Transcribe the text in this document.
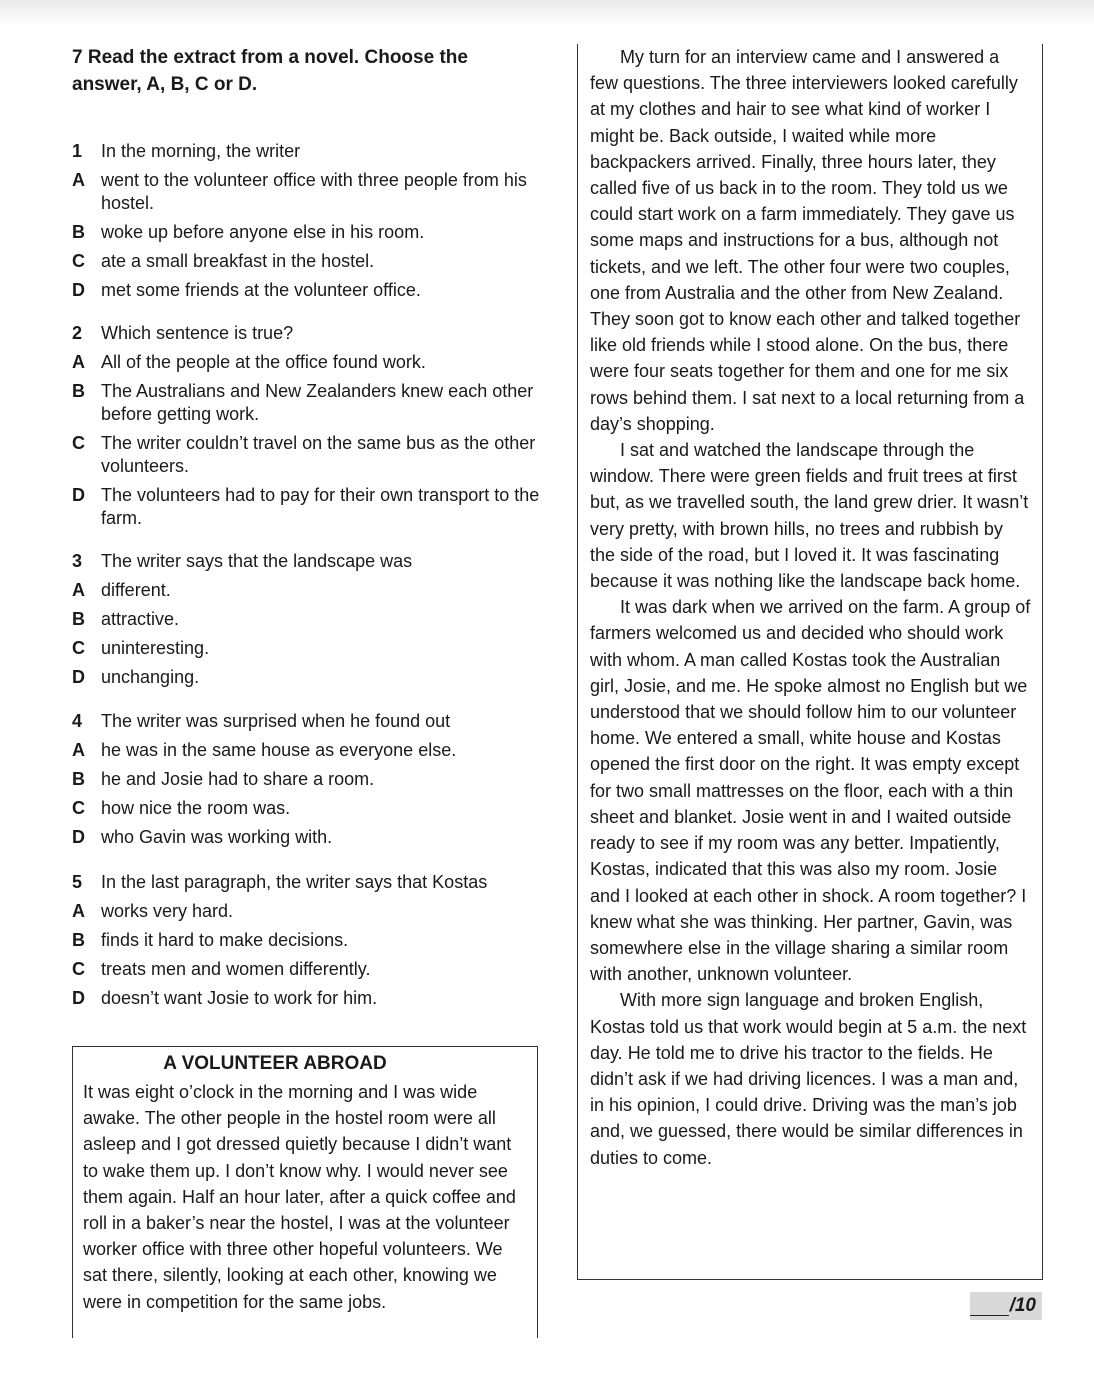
7 Read the extract from a novel. Choose the answer, A, B, C or D.

1 In the morning, the writer
A went to the volunteer office with three people from his hostel.
B woke up before anyone else in his room.
C ate a small breakfast in the hostel.
D met some friends at the volunteer office.
2 Which sentence is true?
A All of the people at the office found work.
B The Australians and New Zealanders knew each other before getting work.
C The writer couldn’t travel on the same bus as the other volunteers.
D The volunteers had to pay for their own transport to the farm.
3 The writer says that the landscape was
A different.
B attractive.
C uninteresting.
D unchanging.
4 The writer was surprised when he found out
A he was in the same house as everyone else.
B he and Josie had to share a room.
C how nice the room was.
D who Gavin was working with.
5 In the last paragraph, the writer says that Kostas
A works very hard.
B finds it hard to make decisions.
C treats men and women differently.
D doesn’t want Josie to work for him.
A VOLUNTEER ABROAD

It was eight o’clock in the morning and I was wide awake. The other people in the hostel room were all asleep and I got dressed quietly because I didn’t want to wake them up. I don’t know why. I would never see them again. Half an hour later, after a quick coffee and roll in a baker’s near the hostel, I was at the volunteer worker office with three other hopeful volunteers. We sat there, silently, looking at each other, knowing we were in competition for the same jobs.

My turn for an interview came and I answered a few questions. The three interviewers looked carefully at my clothes and hair to see what kind of worker I might be. Back outside, I waited while more backpackers arrived. Finally, three hours later, they called five of us back in to the room. They told us we could start work on a farm immediately. They gave us some maps and instructions for a bus, although not tickets, and we left. The other four were two couples, one from Australia and the other from New Zealand. They soon got to know each other and talked together like old friends while I stood alone. On the bus, there were four seats together for them and one for me six rows behind them. I sat next to a local returning from a day’s shopping.

I sat and watched the landscape through the window. There were green fields and fruit trees at first but, as we travelled south, the land grew drier. It wasn’t very pretty, with brown hills, no trees and rubbish by the side of the road, but I loved it. It was fascinating because it was nothing like the landscape back home.

It was dark when we arrived on the farm. A group of farmers welcomed us and decided who should work with whom. A man called Kostas took the Australian girl, Josie, and me. He spoke almost no English but we understood that we should follow him to our volunteer home. We entered a small, white house and Kostas opened the first door on the right. It was empty except for two small mattresses on the floor, each with a thin sheet and blanket. Josie went in and I waited outside ready to see if my room was any better. Impatiently, Kostas, indicated that this was also my room. Josie and I looked at each other in shock. A room together? I knew what she was thinking. Her partner, Gavin, was somewhere else in the village sharing a similar room with another, unknown volunteer.

With more sign language and broken English, Kostas told us that work would begin at 5 a.m. the next day. He told me to drive his tractor to the fields. He didn’t ask if we had driving licences. I was a man and, in his opinion, I could drive. Driving was the man’s job and, we guessed, there would be similar differences in duties to come.

/10
